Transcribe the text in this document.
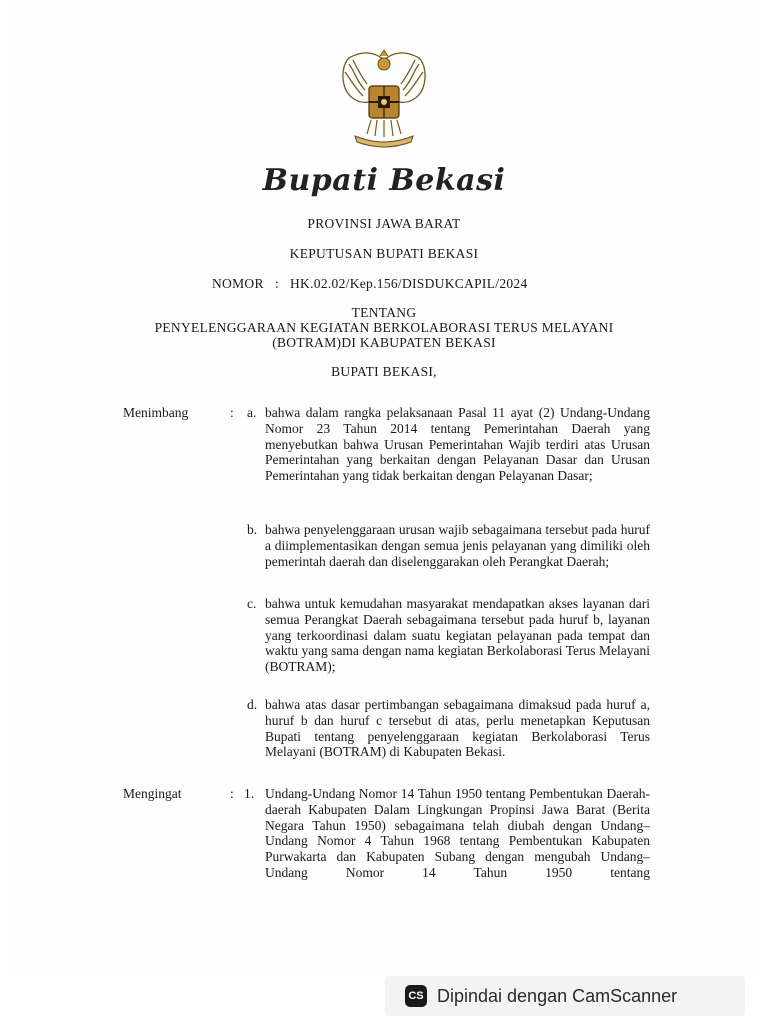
Bupati Bekasi
PROVINSI JAWA BARAT
KEPUTUSAN BUPATI BEKASI
NOMOR : HK.02.02/Kep.156/DISDUKCAPIL/2024
TENTANG
PENYELENGGARAAN KEGIATAN BERKOLABORASI TERUS MELAYANI
(BOTRAM)DI KABUPATEN BEKASI
BUPATI BEKASI,
Menimbang	: a. bahwa dalam rangka pelaksanaan Pasal 11 ayat (2) Undang-Undang Nomor 23 Tahun 2014 tentang Pemerintahan Daerah yang menyebutkan bahwa Urusan Pemerintahan Wajib terdiri atas Urusan Pemerintahan yang berkaitan dengan Pelayanan Dasar dan Urusan Pemerintahan yang tidak berkaitan dengan Pelayanan Dasar;
b. bahwa penyelenggaraan urusan wajib sebagaimana tersebut pada huruf a diimplementasikan dengan semua jenis pelayanan yang dimiliki oleh pemerintah daerah dan diselenggarakan oleh Perangkat Daerah;
c. bahwa untuk kemudahan masyarakat mendapatkan akses layanan dari semua Perangkat Daerah sebagaimana tersebut pada huruf b, layanan yang terkoordinasi dalam suatu kegiatan pelayanan pada tempat dan waktu yang sama dengan nama kegiatan Berkolaborasi Terus Melayani (BOTRAM);
d. bahwa atas dasar pertimbangan sebagaimana dimaksud pada huruf a, huruf b dan huruf c tersebut di atas, perlu menetapkan Keputusan Bupati tentang penyelenggaraan kegiatan Berkolaborasi Terus Melayani (BOTRAM) di Kabupaten Bekasi.
Mengingat	: 1. Undang-Undang Nomor 14 Tahun 1950 tentang Pembentukan Daerah-daerah Kabupaten Dalam Lingkungan Propinsi Jawa Barat (Berita Negara Tahun 1950) sebagaimana telah diubah dengan Undang–Undang Nomor 4 Tahun 1968 tentang Pembentukan Kabupaten Purwakarta dan Kabupaten Subang dengan mengubah Undang–Undang Nomor 14 Tahun 1950 tentang
CS Dipindai dengan CamScanner
